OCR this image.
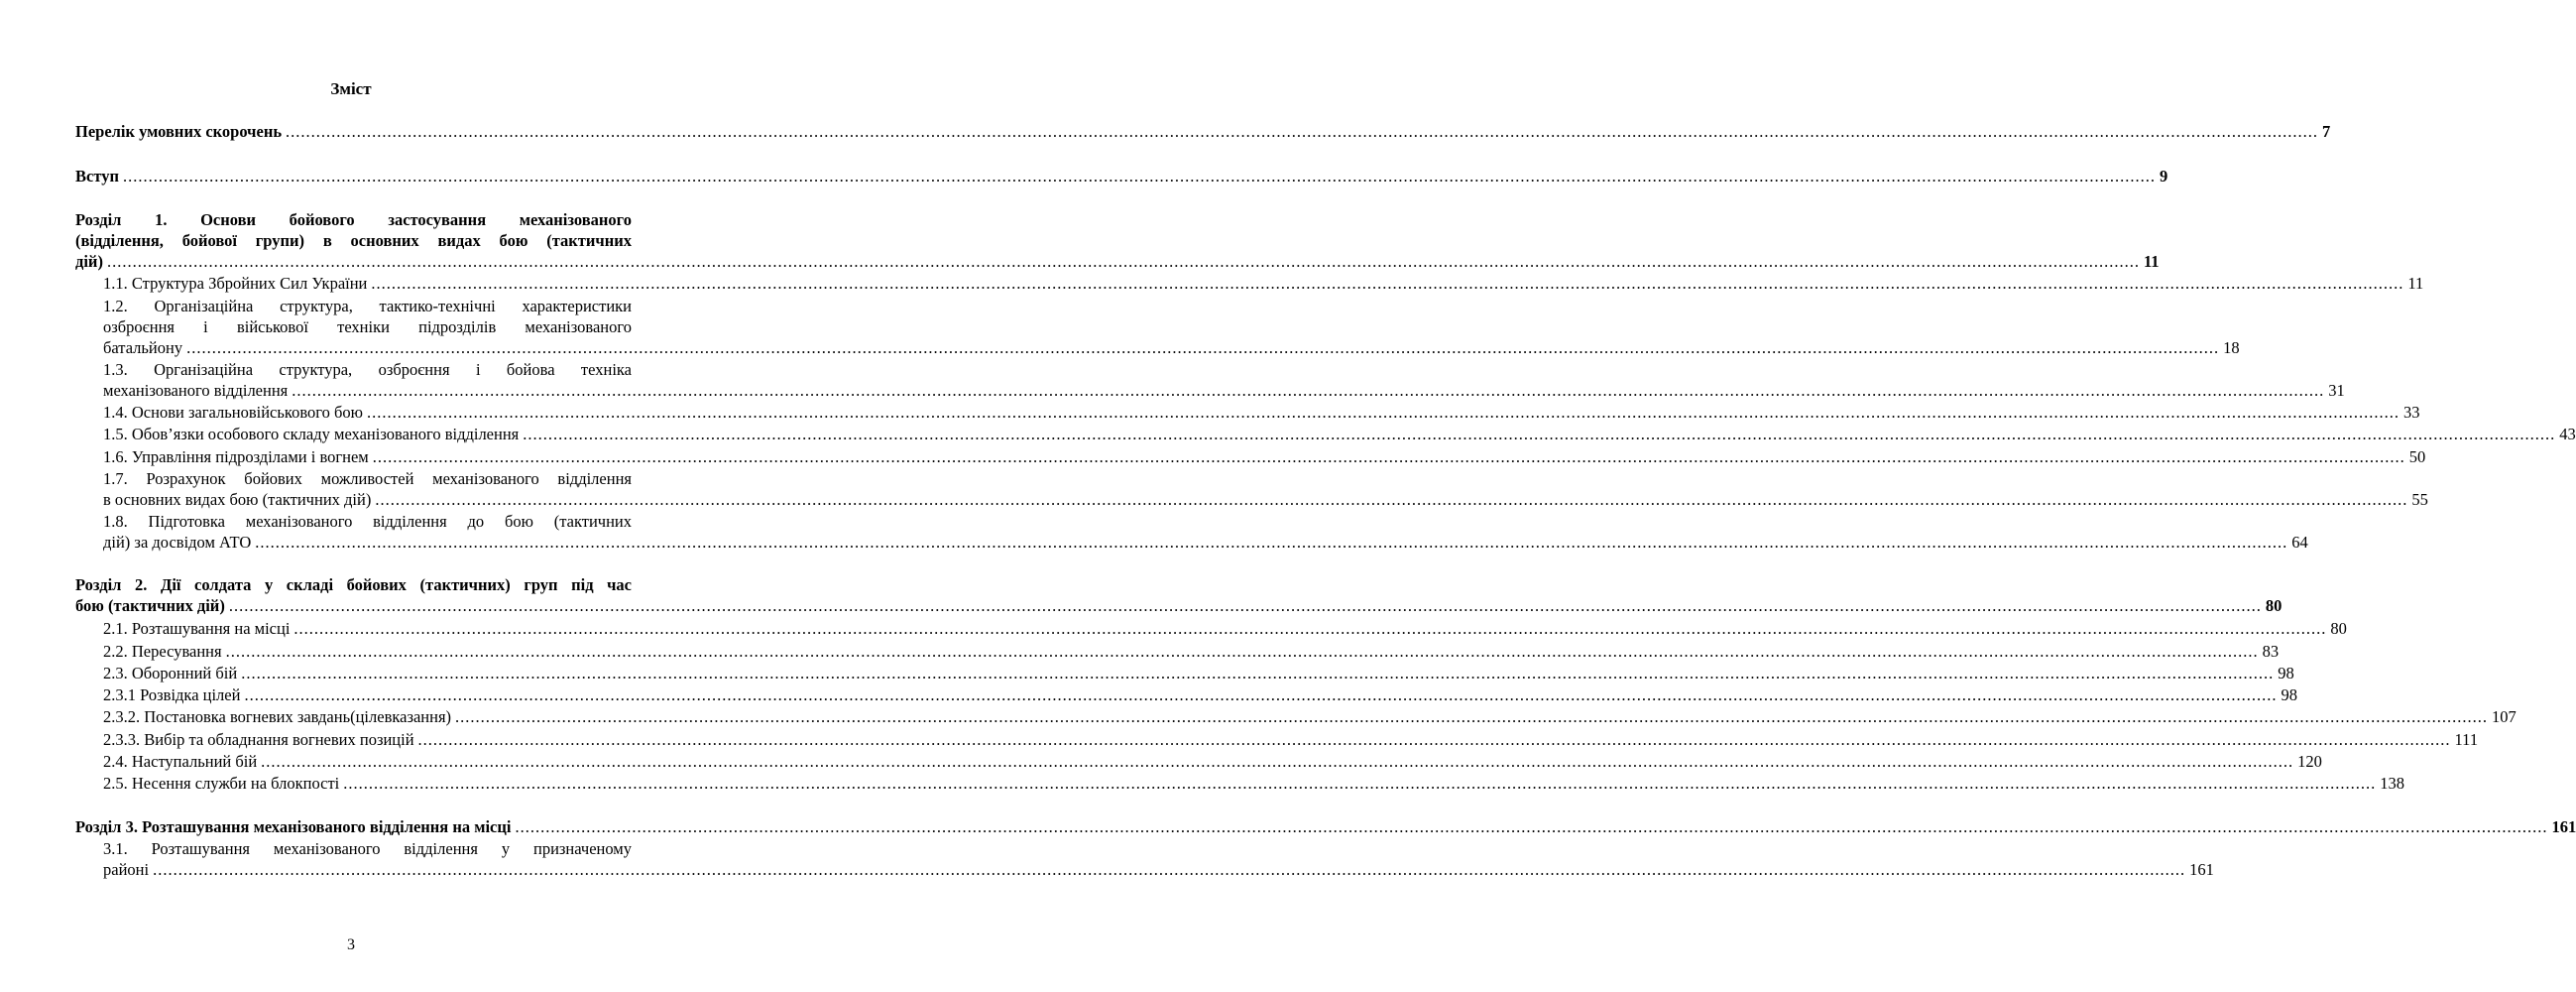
Зміст
Перелік умовних скорочень ................................................................................................................................................................................................................................................................................................................................................................................................................ 7
Вступ ................................................................................................................................................................................................................................................................................................................................................................................................................ 9
Розділ 1. Основи бойового застосування механізованого
(відділення, бойової групи) в основних видах бою (тактичних
дій) ................................................................................................................................................................................................................................................................................................................................................................................................................ 11
1.1. Структура Збройних Сил України ................................................................................................................................................................................................................................................................................................................................................................................................................ 11
1.2. Організаційна структура, тактико-технічні характеристики
озброєння і військової техніки підрозділів механізованого
батальйону ................................................................................................................................................................................................................................................................................................................................................................................................................ 18
1.3. Організаційна структура, озброєння і бойова техніка
механізованого відділення ................................................................................................................................................................................................................................................................................................................................................................................................................ 31
1.4. Основи загальновійськового бою ................................................................................................................................................................................................................................................................................................................................................................................................................ 33
1.5. Обов’язки особового складу механізованого відділення ................................................................................................................................................................................................................................................................................................................................................................................................................ 43
1.6. Управління підрозділами і вогнем ................................................................................................................................................................................................................................................................................................................................................................................................................ 50
1.7. Розрахунок бойових можливостей механізованого відділення
в основних видах бою (тактичних дій) ................................................................................................................................................................................................................................................................................................................................................................................................................ 55
1.8. Підготовка механізованого відділення до бою (тактичних
дій) за досвідом АТО ................................................................................................................................................................................................................................................................................................................................................................................................................ 64
Розділ 2. Дії солдата у складі бойових (тактичних) груп під час
бою (тактичних дій) ................................................................................................................................................................................................................................................................................................................................................................................................................ 80
2.1. Розташування на місці ................................................................................................................................................................................................................................................................................................................................................................................................................ 80
2.2. Пересування ................................................................................................................................................................................................................................................................................................................................................................................................................ 83
2.3. Оборонний бій ................................................................................................................................................................................................................................................................................................................................................................................................................ 98
2.3.1 Розвідка цілей ................................................................................................................................................................................................................................................................................................................................................................................................................ 98
2.3.2. Постановка вогневих завдань(цілевказання) ................................................................................................................................................................................................................................................................................................................................................................................................................ 107
2.3.3. Вибір та обладнання вогневих позицій ................................................................................................................................................................................................................................................................................................................................................................................................................ 111
2.4. Наступальний бій ................................................................................................................................................................................................................................................................................................................................................................................................................ 120
2.5. Несення служби на блокпості ................................................................................................................................................................................................................................................................................................................................................................................................................ 138
Розділ 3. Розташування механізованого відділення на місці ................................................................................................................................................................................................................................................................................................................................................................................................................ 161
3.1. Розташування механізованого відділення у призначеному
районі ................................................................................................................................................................................................................................................................................................................................................................................................................ 161
3
